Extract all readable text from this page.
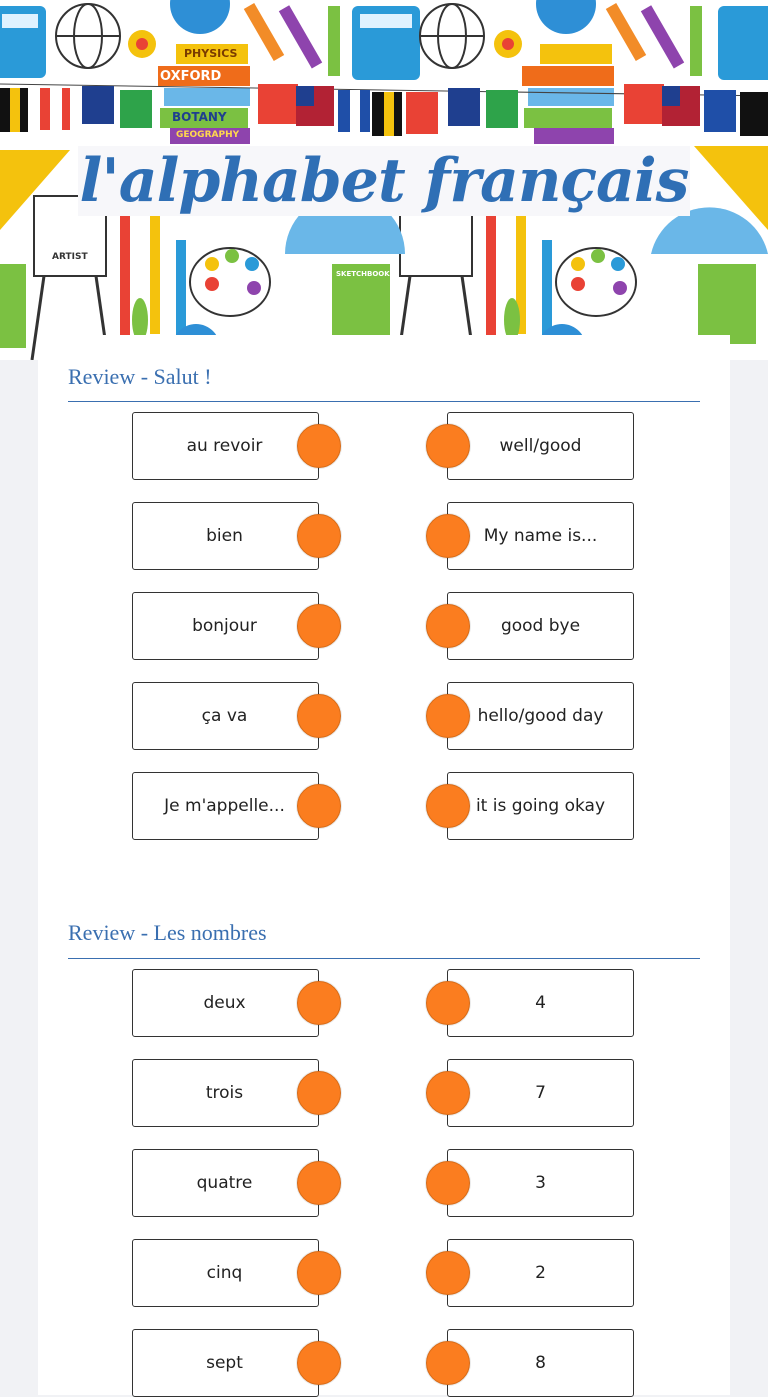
PHYSICS
OXFORD
BOTANY
GEOGRAPHY
ARTIST
SKETCHBOOK
l'alphabet français
Review - Salut !
au revoir
bien
bonjour
ça va
Je m'appelle...
well/good
My name is...
good bye
hello/good day
it is going okay
Review - Les nombres
deux
trois
quatre
cinq
sept
4
7
3
2
8
